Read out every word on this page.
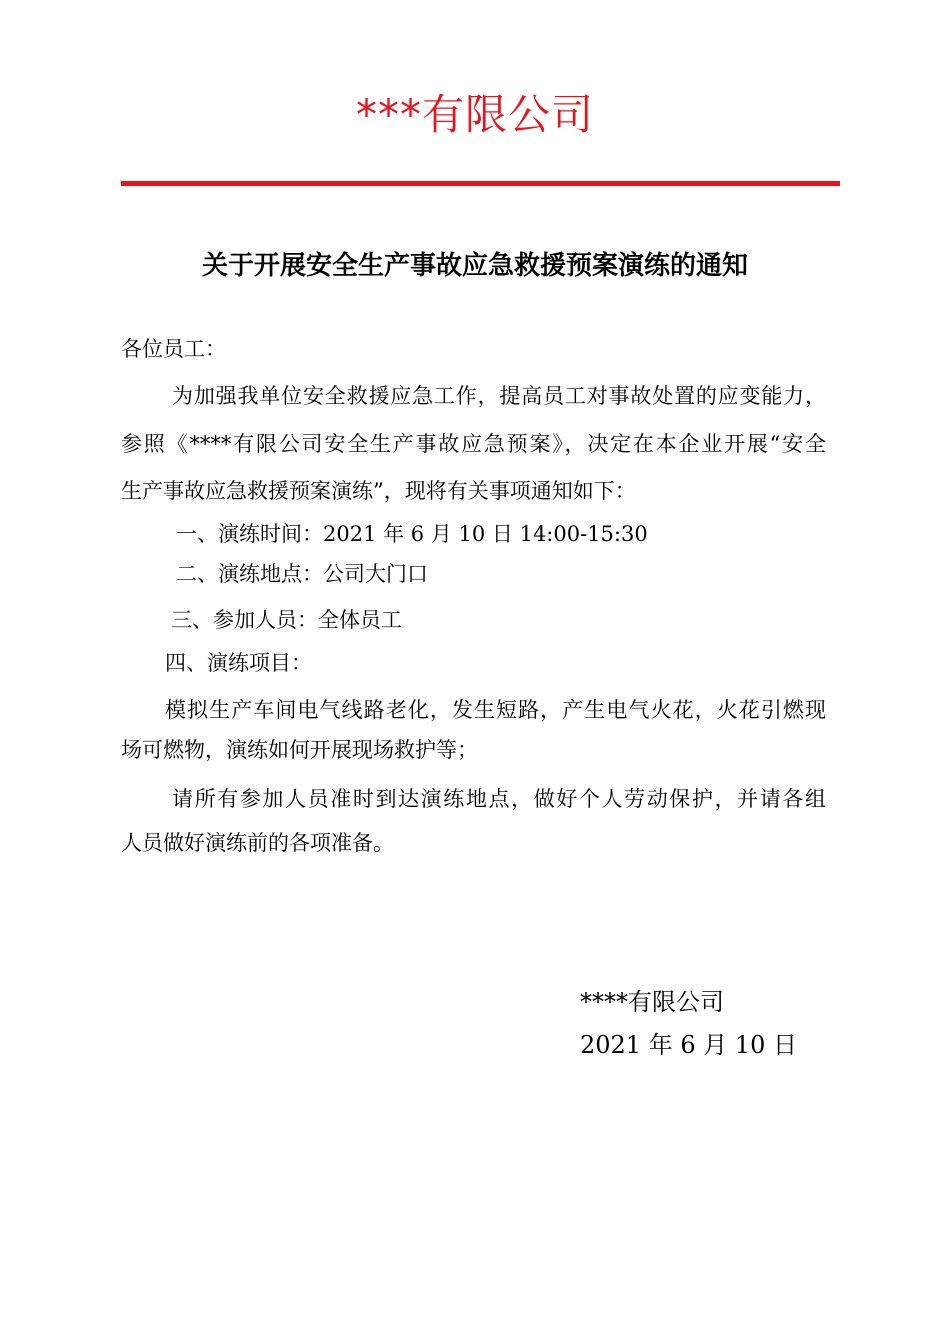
***有限公司
关于开展安全生产事故应急救援预案演练的通知
各位员工：
为加强我单位安全救援应急工作，提高员工对事故处置的应变能力，
参照《****有限公司安全生产事故应急预案》，决定在本企业开展“安全
生产事故应急救援预案演练”，现将有关事项通知如下：
一、演练时间：2021 年 6 月 10 日 14:00-15:30
二、演练地点：公司大门口
三、参加人员：全体员工
四、演练项目：
模拟生产车间电气线路老化，发生短路，产生电气火花，火花引燃现
场可燃物，演练如何开展现场救护等；
请所有参加人员准时到达演练地点，做好个人劳动保护，并请各组
人员做好演练前的各项准备。
****有限公司
2021 年 6 月 10 日
